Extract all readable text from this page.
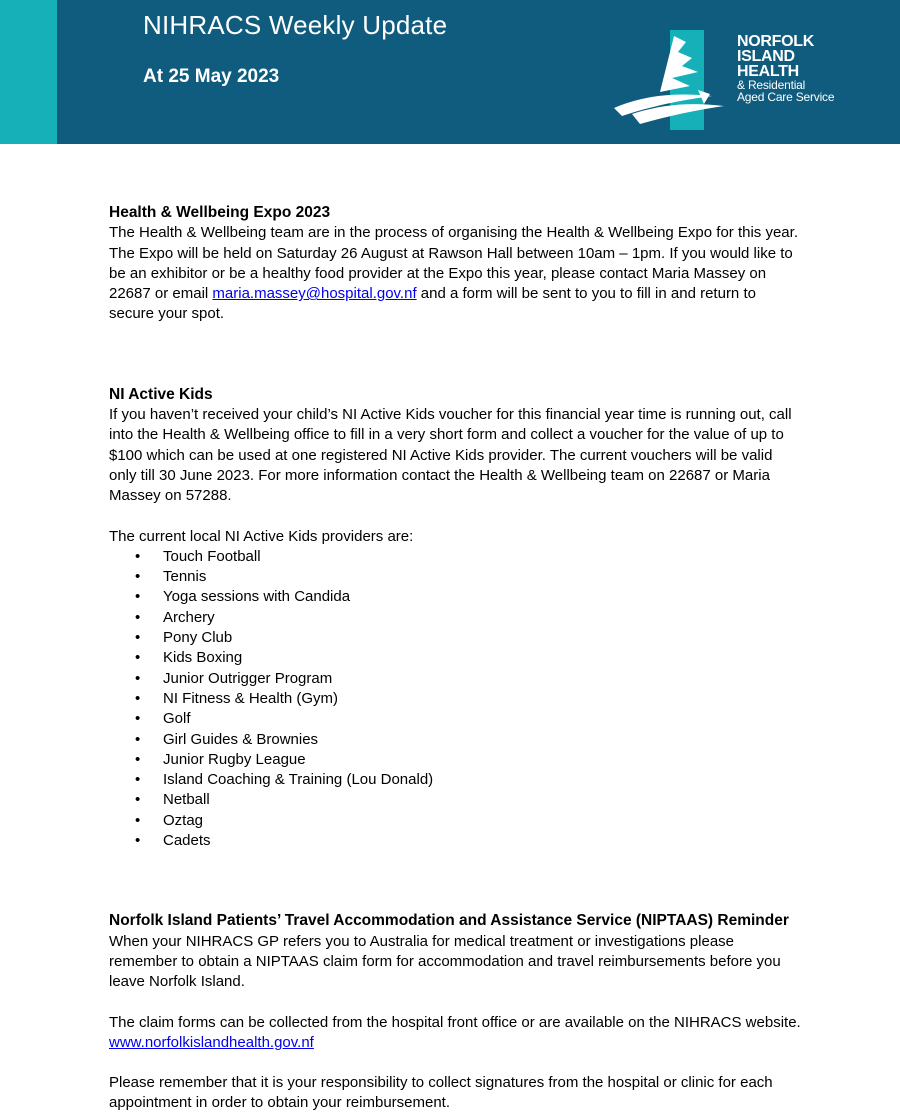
NIHRACS Weekly Update
At 25 May 2023
NORFOLK
ISLAND
HEALTH
& Residential
Aged Care Service
Health & Wellbeing Expo 2023
The Health & Wellbeing team are in the process of organising the Health & Wellbeing Expo for this year. The Expo will be held on Saturday 26 August at Rawson Hall between 10am – 1pm. If you would like to be an exhibitor or be a healthy food provider at the Expo this year, please contact Maria Massey on 22687 or email maria.massey@hospital.gov.nf and a form will be sent to you to fill in and return to secure your spot.
NI Active Kids
If you haven’t received your child’s NI Active Kids voucher for this financial year time is running out, call into the Health & Wellbeing office to fill in a very short form and collect a voucher for the value of up to $100 which can be used at one registered NI Active Kids provider. The current vouchers will be valid only till 30 June 2023. For more information contact the Health & Wellbeing team on 22687 or Maria Massey on 57288.
The current local NI Active Kids providers are:
• Touch Football
• Tennis
• Yoga sessions with Candida
• Archery
• Pony Club
• Kids Boxing
• Junior Outrigger Program
• NI Fitness & Health (Gym)
• Golf
• Girl Guides & Brownies
• Junior Rugby League
• Island Coaching & Training (Lou Donald)
• Netball
• Oztag
• Cadets
Norfolk Island Patients’ Travel Accommodation and Assistance Service (NIPTAAS) Reminder
When your NIHRACS GP refers you to Australia for medical treatment or investigations please remember to obtain a NIPTAAS claim form for accommodation and travel reimbursements before you leave Norfolk Island.
The claim forms can be collected from the hospital front office or are available on the NIHRACS website. www.norfolkislandhealth.gov.nf
Please remember that it is your responsibility to collect signatures from the hospital or clinic for each appointment in order to obtain your reimbursement.
